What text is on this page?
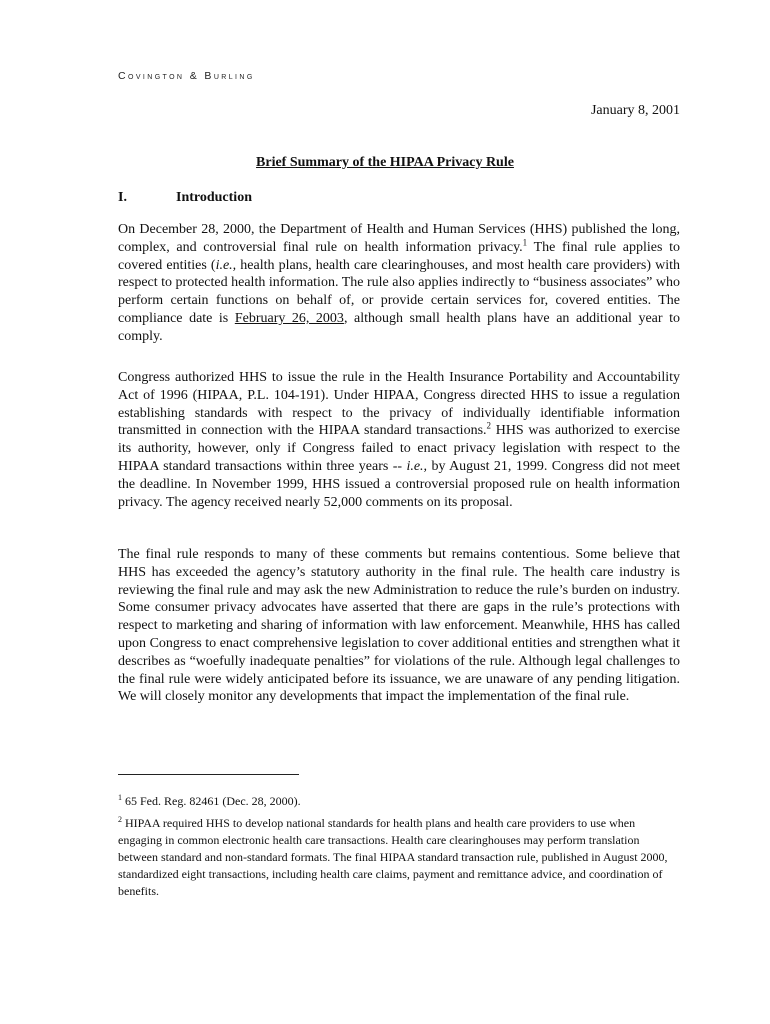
Covington & Burling
January 8, 2001
Brief Summary of the HIPAA Privacy Rule
I.	Introduction

On December 28, 2000, the Department of Health and Human Services (HHS) published the long, complex, and controversial final rule on health information privacy.$^1$ The final rule applies to covered entities (i.e., health plans, health care clearinghouses, and most health care providers) with respect to protected health information. The rule also applies indirectly to “business associates” who perform certain functions on behalf of, or provide certain services for, covered entities. The compliance date is February 26, 2003, although small health plans have an additional year to comply.

Congress authorized HHS to issue the rule in the Health Insurance Portability and Accountability Act of 1996 (HIPAA, P.L. 104-191). Under HIPAA, Congress directed HHS to issue a regulation establishing standards with respect to the privacy of individually identifiable information transmitted in connection with the HIPAA standard transactions.$^2$ HHS was authorized to exercise its authority, however, only if Congress failed to enact privacy legislation with respect to the HIPAA standard transactions within three years -- i.e., by August 21, 1999. Congress did not meet the deadline. In November 1999, HHS issued a controversial proposed rule on health information privacy. The agency received nearly 52,000 comments on its proposal.

The final rule responds to many of these comments but remains contentious. Some believe that HHS has exceeded the agency’s statutory authority in the final rule. The health care industry is reviewing the final rule and may ask the new Administration to reduce the rule’s burden on industry. Some consumer privacy advocates have asserted that there are gaps in the rule’s protections with respect to marketing and sharing of information with law enforcement. Meanwhile, HHS has called upon Congress to enact comprehensive legislation to cover additional entities and strengthen what it describes as “woefully inadequate penalties” for violations of the rule. Although legal challenges to the final rule were widely anticipated before its issuance, we are unaware of any pending litigation. We will closely monitor any developments that impact the implementation of the final rule.

$^1$ 65 Fed. Reg. 82461 (Dec. 28, 2000).

$^2$ HIPAA required HHS to develop national standards for health plans and health care providers to use when engaging in common electronic health care transactions. Health care clearinghouses may perform translation between standard and non-standard formats. The final HIPAA standard transaction rule, published in August 2000, standardized eight transactions, including health care claims, payment and remittance advice, and coordination of benefits.
